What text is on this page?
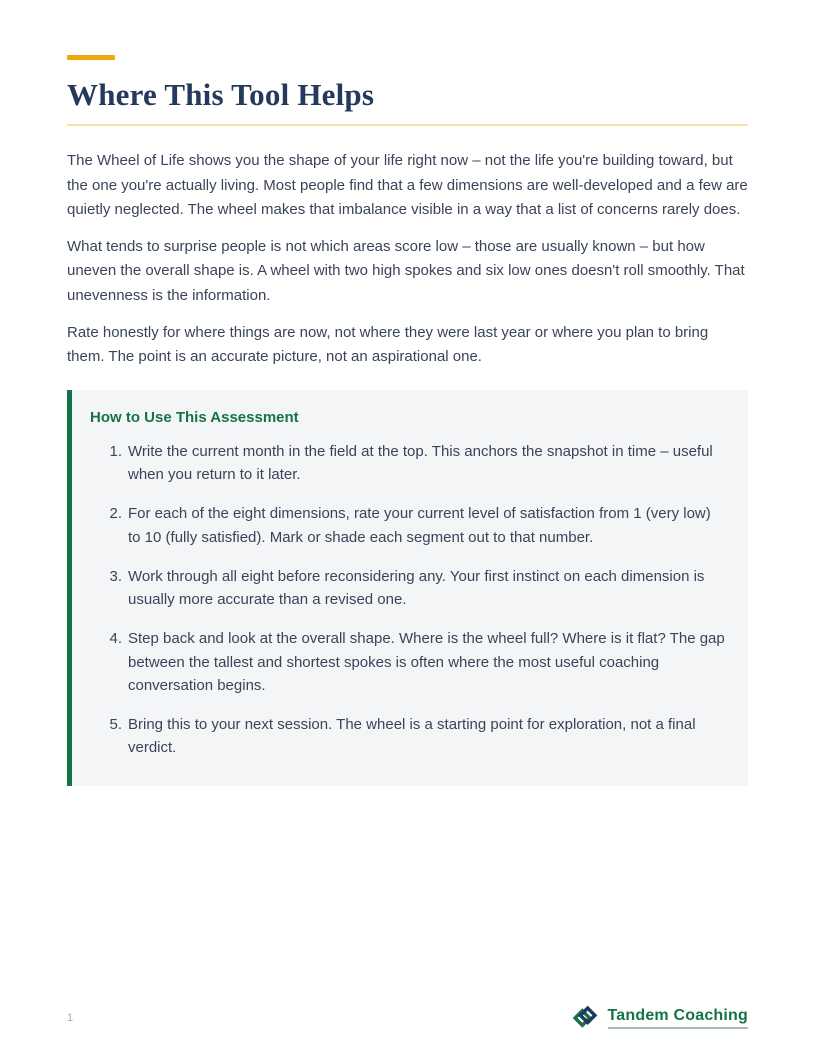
Where This Tool Helps

The Wheel of Life shows you the shape of your life right now – not the life you're building toward, but the one you're actually living. Most people find that a few dimensions are well-developed and a few are quietly neglected. The wheel makes that imbalance visible in a way that a list of concerns rarely does.

What tends to surprise people is not which areas score low – those are usually known – but how uneven the overall shape is. A wheel with two high spokes and six low ones doesn't roll smoothly. That unevenness is the information.

Rate honestly for where things are now, not where they were last year or where you plan to bring them. The point is an accurate picture, not an aspirational one.

How to Use This Assessment
1. Write the current month in the field at the top. This anchors the snapshot in time – useful when you return to it later.
2. For each of the eight dimensions, rate your current level of satisfaction from 1 (very low) to 10 (fully satisfied). Mark or shade each segment out to that number.
3. Work through all eight before reconsidering any. Your first instinct on each dimension is usually more accurate than a revised one.
4. Step back and look at the overall shape. Where is the wheel full? Where is it flat? The gap between the tallest and shortest spokes is often where the most useful coaching conversation begins.
5. Bring this to your next session. The wheel is a starting point for exploration, not a final verdict.
1	Tandem Coaching
